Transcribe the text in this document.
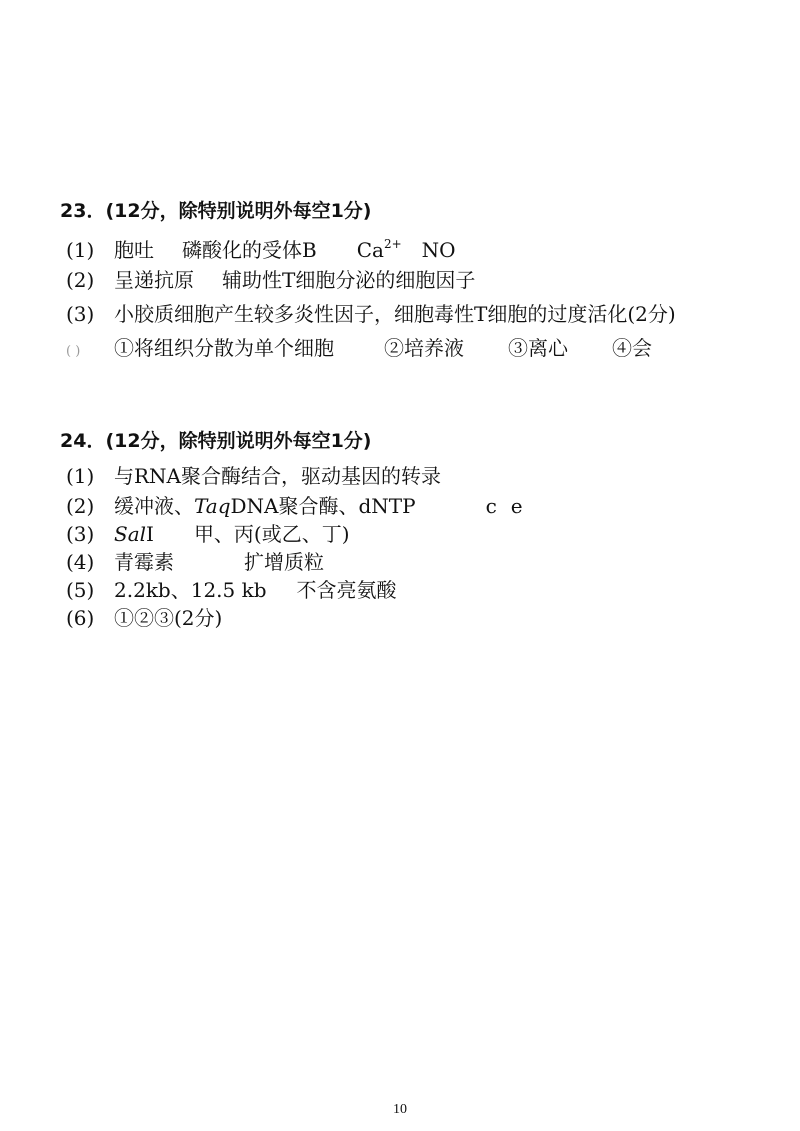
23．(12分，除特别说明外每空1分)
(1) 胞吐 磷酸化的受体B $Ca^{2+}$ NO
(2) 呈递抗原 辅助性T细胞分泌的细胞因子
(3) 小胶质细胞产生较多炎性因子，细胞毒性T细胞的过度活化(2分)
( ) ①将组织分散为单个细胞	②培养液 ③离心 ④会
24．(12分，除特别说明外每空1分)
(1) 与RNA聚合酶结合，驱动基因的转录
(2) 缓冲液、TaqDNA聚合酶、dNTP	c e
(3) SalI 甲、丙(或乙、丁)
(4) 青霉素	扩增质粒
(5) 2.2kb、12.5 kb 不含亮氨酸
(6) ①②③(2分)
10
